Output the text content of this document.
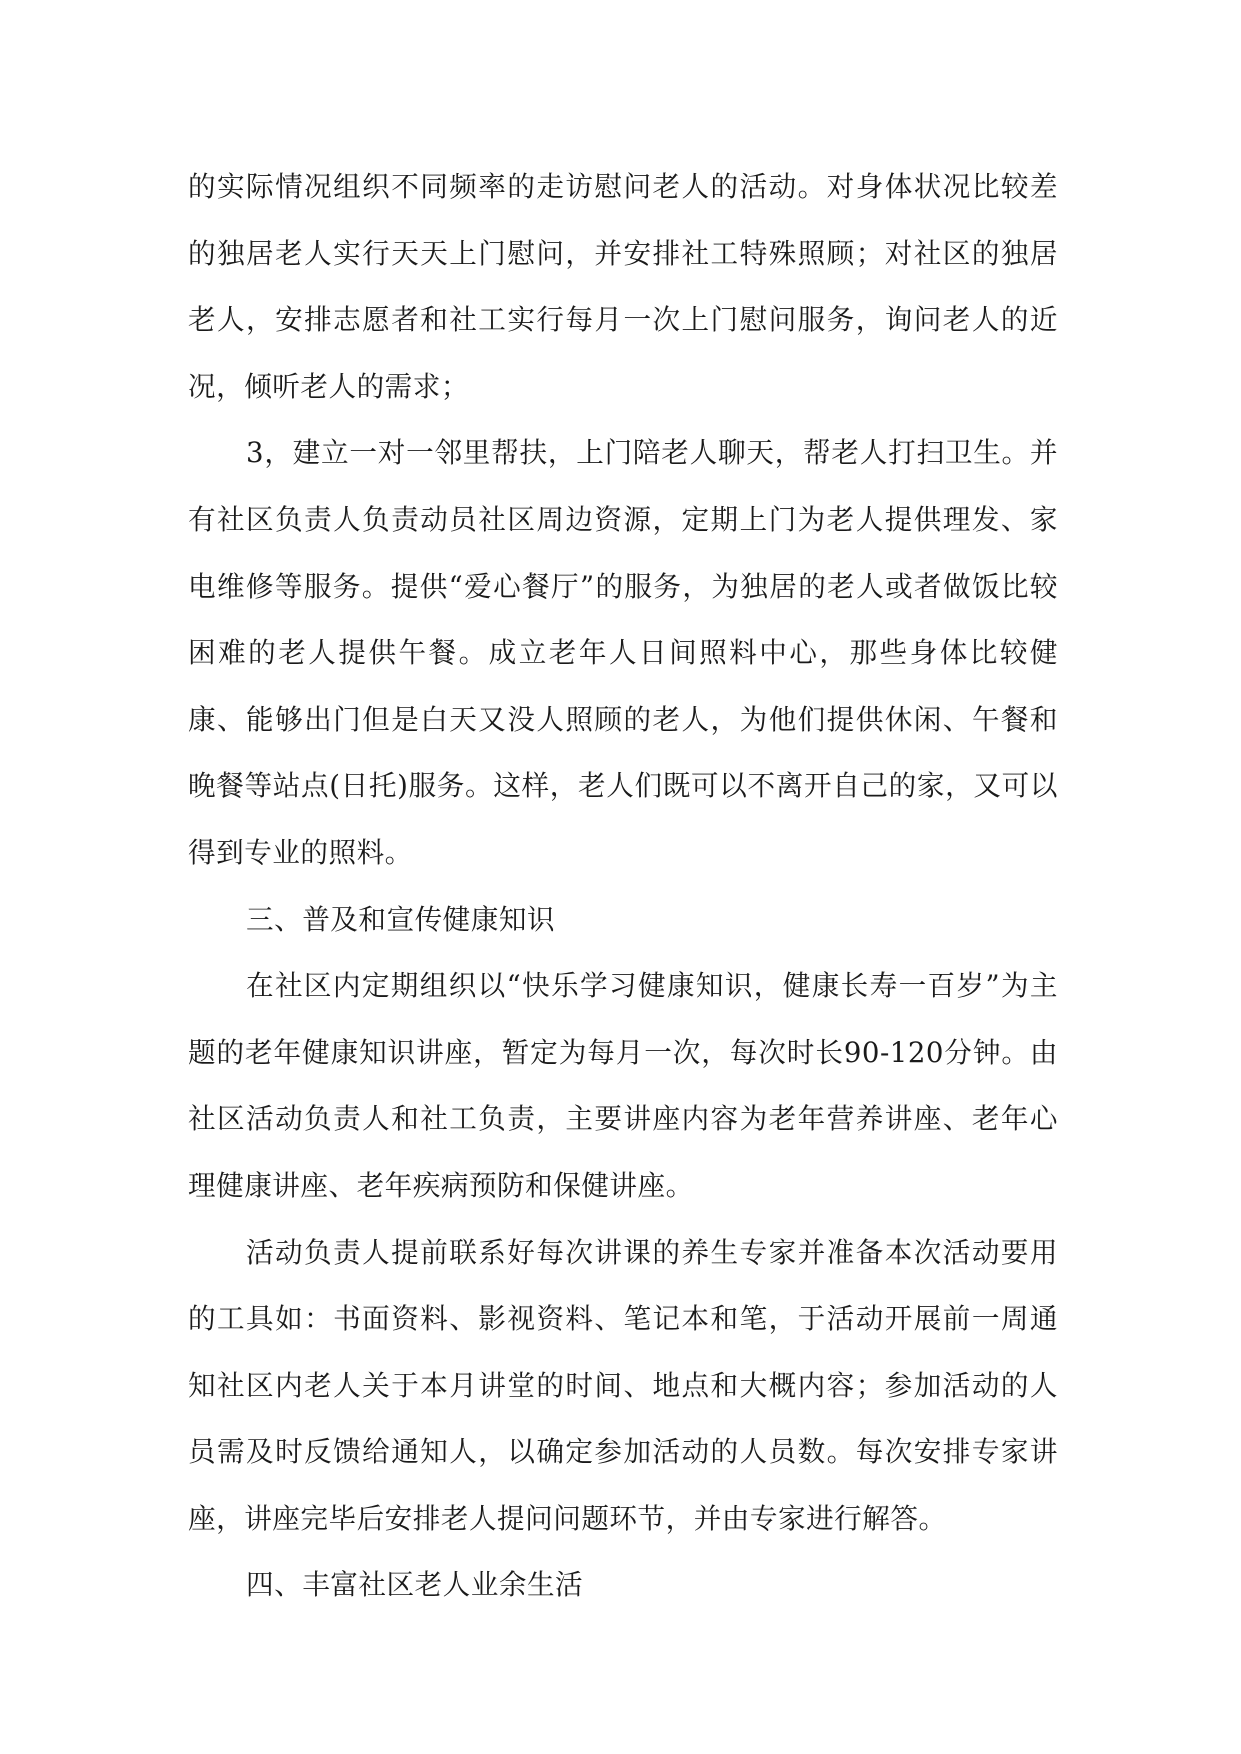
的实际情况组织不同频率的走访慰问老人的活动。对身体状况比较差的独居老人实行天天上门慰问，并安排社工特殊照顾；对社区的独居老人，安排志愿者和社工实行每月一次上门慰问服务，询问老人的近况，倾听老人的需求；

3，建立一对一邻里帮扶，上门陪老人聊天，帮老人打扫卫生。并有社区负责人负责动员社区周边资源，定期上门为老人提供理发、家电维修等服务。提供“爱心餐厅”的服务，为独居的老人或者做饭比较困难的老人提供午餐。成立老年人日间照料中心，那些身体比较健康、能够出门但是白天又没人照顾的老人，为他们提供休闲、午餐和晚餐等站点(日托)服务。这样，老人们既可以不离开自己的家，又可以得到专业的照料。

三、普及和宣传健康知识

在社区内定期组织以“快乐学习健康知识，健康长寿一百岁”为主题的老年健康知识讲座，暂定为每月一次，每次时长90-120分钟。由社区活动负责人和社工负责，主要讲座内容为老年营养讲座、老年心理健康讲座、老年疾病预防和保健讲座。

活动负责人提前联系好每次讲课的养生专家并准备本次活动要用的工具如：书面资料、影视资料、笔记本和笔，于活动开展前一周通知社区内老人关于本月讲堂的时间、地点和大概内容；参加活动的人员需及时反馈给通知人，以确定参加活动的人员数。每次安排专家讲座，讲座完毕后安排老人提问问题环节，并由专家进行解答。

四、丰富社区老人业余生活
